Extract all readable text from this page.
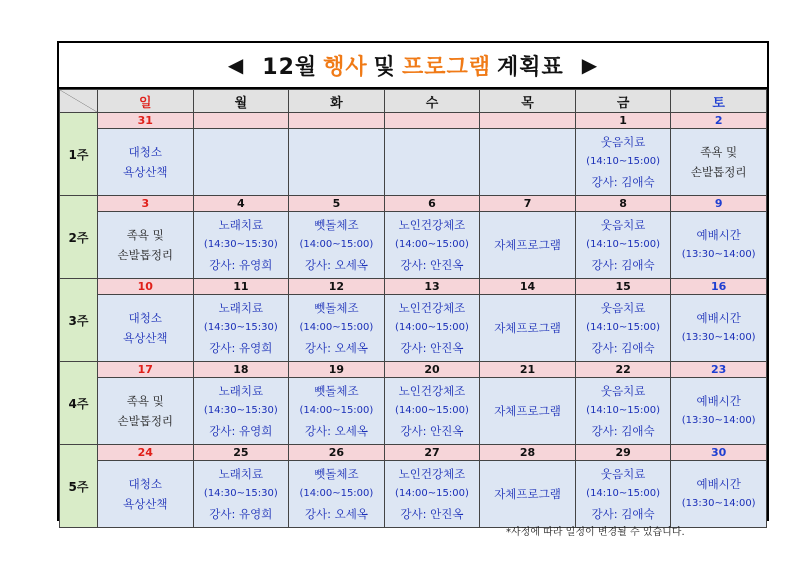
◀ 12월 행사 및 프로그램 계획표 ▶
	일	월	화	수	목	금	토
1주	31					1	2

	대청소
욕상산책					웃음치료
(14:10~15:00)
강사: 김애숙	족욕 및
손발톱정리

2주	3	4	5	6	7	8	9

	족욕 및
손발톱정리	노래치료
(14:30~15:30)
강사: 유영희	뻿돌체조
(14:00~15:00)
강사: 오세옥	노인건강체조
(14:00~15:00)
강사: 안진옥	자체프로그램	웃음치료
(14:10~15:00)
강사: 김애숙	예배시간
(13:30~14:00)

3주	10	11	12	13	14	15	16

	대청소
욕상산책	노래치료
(14:30~15:30)
강사: 유영희	뻿돌체조
(14:00~15:00)
강사: 오세옥	노인건강체조
(14:00~15:00)
강사: 안진옥	자체프로그램	웃음치료
(14:10~15:00)
강사: 김애숙	예배시간
(13:30~14:00)

4주	17	18	19	20	21	22	23

	족욕 및
손발톱정리	노래치료
(14:30~15:30)
강사: 유영희	뻿돌체조
(14:00~15:00)
강사: 오세옥	노인건강체조
(14:00~15:00)
강사: 안진옥	자체프로그램	웃음치료
(14:10~15:00)
강사: 김애숙	예배시간
(13:30~14:00)

5주	24	25	26	27	28	29	30

	대청소
욕상산책	노래치료
(14:30~15:30)
강사: 유영희	뻿돌체조
(14:00~15:00)
강사: 오세옥	노인건강체조
(14:00~15:00)
강사: 안진옥	자체프로그램	웃음치료
(14:10~15:00)
강사: 김애숙	예배시간
(13:30~14:00)
*사정에 따라 일정이 변경될 수 있습니다.
